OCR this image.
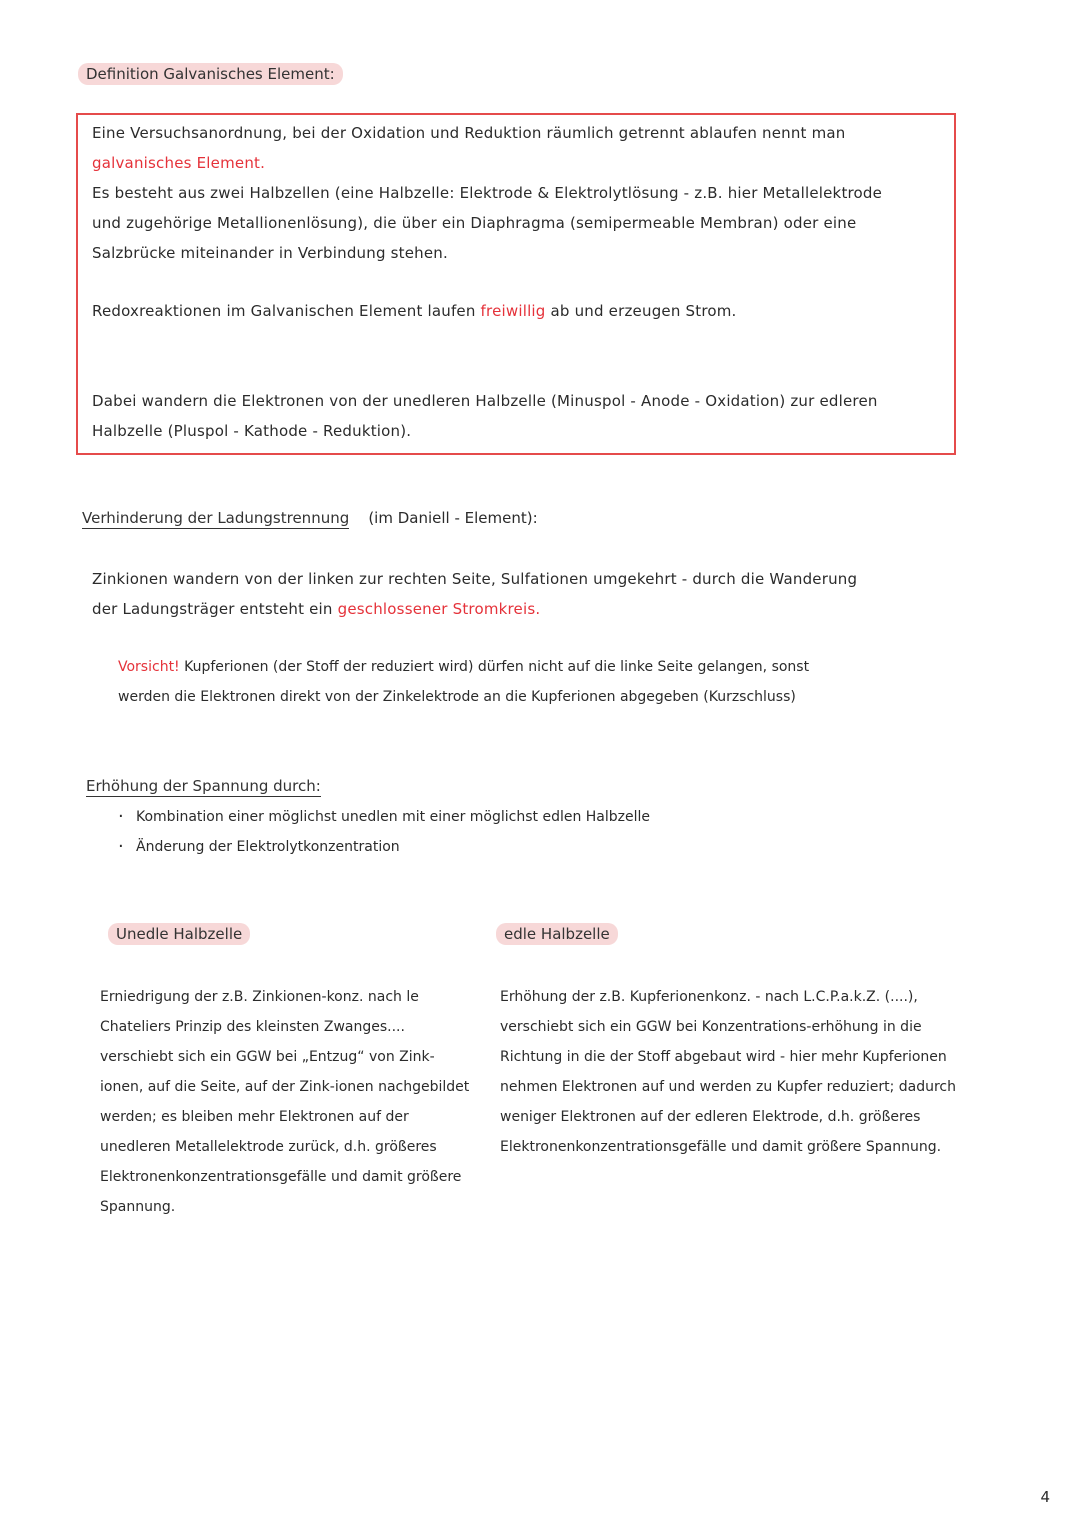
Definition Galvanisches Element:
Eine Versuchsanordnung, bei der Oxidation und Reduktion räumlich getrennt ablaufen nennt man galvanisches Element.
Es besteht aus zwei Halbzellen (eine Halbzelle: Elektrode & Elektrolytlösung - z.B. hier Metallelektrode und zugehörige Metallionenlösung), die über ein Diaphragma (semipermeable Membran) oder eine Salzbrücke miteinander in Verbindung stehen.
Redoxreaktionen im Galvanischen Element laufen freiwillig ab und erzeugen Strom.
Dabei wandern die Elektronen von der unedleren Halbzelle (Minuspol - Anode - Oxidation) zur edleren Halbzelle (Pluspol - Kathode - Reduktion).
Verhinderung der Ladungstrennung (im Daniell - Element):
Zinkionen wandern von der linken zur rechten Seite, Sulfationen umgekehrt - durch die Wanderung der Ladungsträger entsteht ein geschlossener Stromkreis.
Vorsicht! Kupferionen (der Stoff der reduziert wird) dürfen nicht auf die linke Seite gelangen, sonst werden die Elektronen direkt von der Zinkelektrode an die Kupferionen abgegeben (Kurzschluss)
Erhöhung der Spannung durch:
· Kombination einer möglichst unedlen mit einer möglichst edlen Halbzelle
· Änderung der Elektrolytkonzentration
Unedle Halbzelle
Erniedrigung der z.B. Zinkionen-konz. nach le Chateliers Prinzip des kleinsten Zwanges.... verschiebt sich ein GGW bei „Entzug“ von Zink-ionen, auf die Seite, auf der Zink-ionen nachgebildet werden; es bleiben mehr Elektronen auf der unedleren Metallelektrode zurück, d.h. größeres Elektronenkonzentrationsgefälle und damit größere Spannung.
edle Halbzelle
Erhöhung der z.B. Kupferionenkonz. - nach L.C.P.a.k.Z. (....), verschiebt sich ein GGW bei Konzentrations-erhöhung in die Richtung in die der Stoff abgebaut wird - hier mehr Kupferionen nehmen Elektronen auf und werden zu Kupfer reduziert; dadurch weniger Elektronen auf der edleren Elektrode, d.h. größeres Elektronenkonzentrationsgefälle und damit größere Spannung.
4
